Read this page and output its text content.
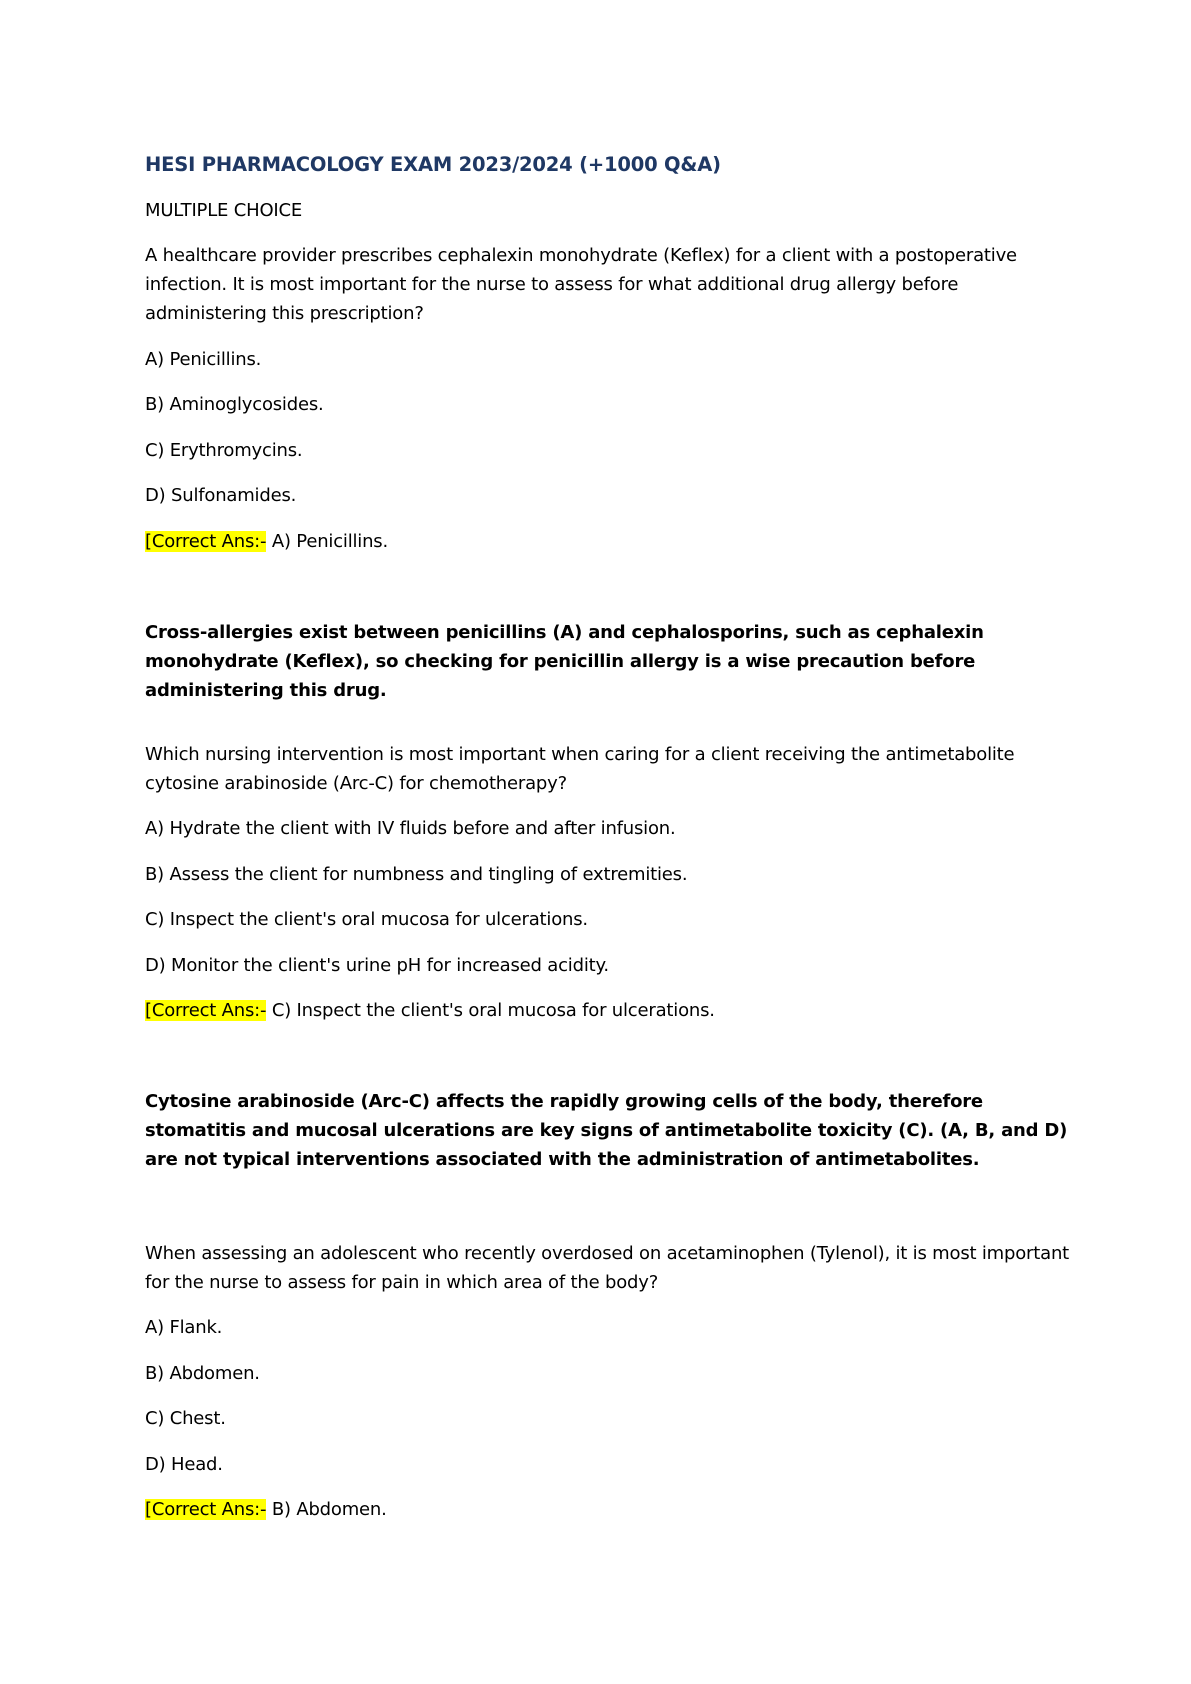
HESI PHARMACOLOGY EXAM 2023/2024 (+1000 Q&A)
MULTIPLE CHOICE
A healthcare provider prescribes cephalexin monohydrate (Keflex) for a client with a postoperative infection. It is most important for the nurse to assess for what additional drug allergy before administering this prescription?
A) Penicillins.
B) Aminoglycosides.
C) Erythromycins.
D) Sulfonamides.
[Correct Ans:- A) Penicillins.
Cross-allergies exist between penicillins (A) and cephalosporins, such as cephalexin monohydrate (Keflex), so checking for penicillin allergy is a wise precaution before administering this drug.
Which nursing intervention is most important when caring for a client receiving the antimetabolite cytosine arabinoside (Arc-C) for chemotherapy?
A) Hydrate the client with IV fluids before and after infusion.
B) Assess the client for numbness and tingling of extremities.
C) Inspect the client's oral mucosa for ulcerations.
D) Monitor the client's urine pH for increased acidity.
[Correct Ans:- C) Inspect the client's oral mucosa for ulcerations.
Cytosine arabinoside (Arc-C) affects the rapidly growing cells of the body, therefore stomatitis and mucosal ulcerations are key signs of antimetabolite toxicity (C). (A, B, and D) are not typical interventions associated with the administration of antimetabolites.
When assessing an adolescent who recently overdosed on acetaminophen (Tylenol), it is most important for the nurse to assess for pain in which area of the body?
A) Flank.
B) Abdomen.
C) Chest.
D) Head.
[Correct Ans:- B) Abdomen.
